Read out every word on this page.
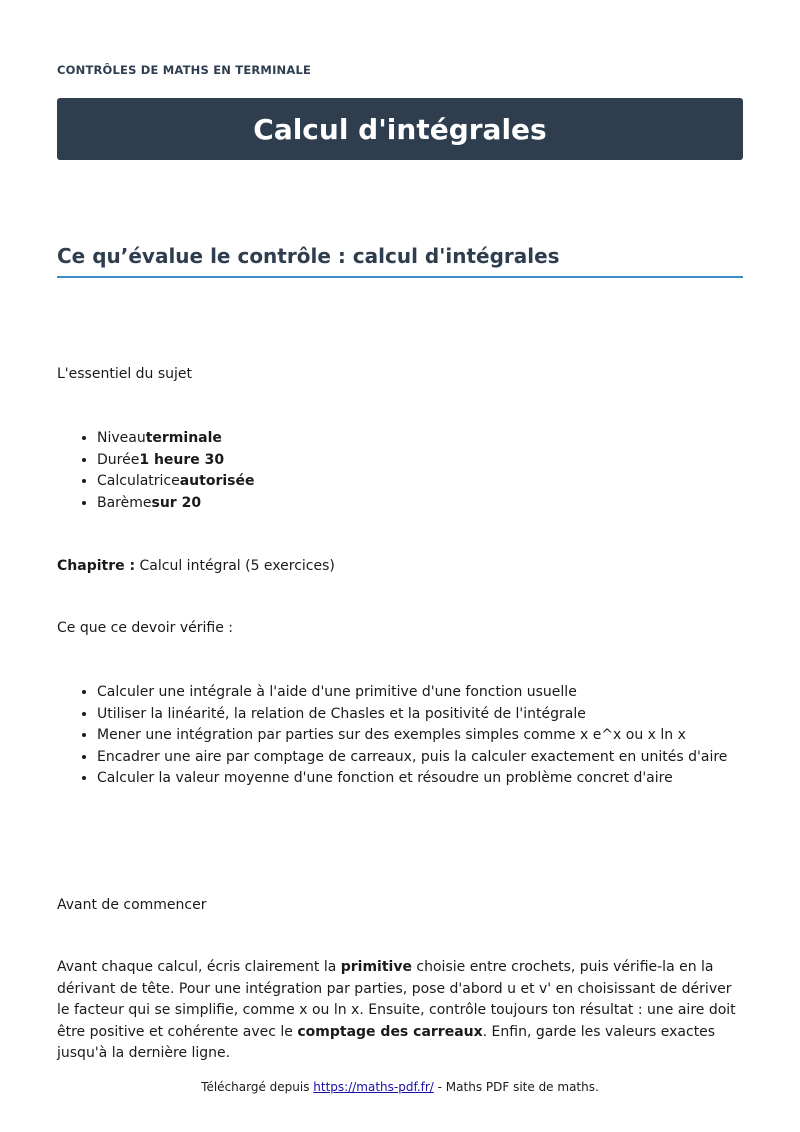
CONTRÔLES DE MATHS EN TERMINALE
Calcul d'intégrales
Ce qu’évalue le contrôle : calcul d'intégrales

L'essentiel du sujet

• Niveauterminale
• Durée1 heure 30
• Calculatriceautorisée
• Barèmesur 20

Chapitre : Calcul intégral (5 exercices)

Ce que ce devoir vérifie :

• Calculer une intégrale à l'aide d'une primitive d'une fonction usuelle
• Utiliser la linéarité, la relation de Chasles et la positivité de l'intégrale
• Mener une intégration par parties sur des exemples simples comme x e^x ou x ln x
• Encadrer une aire par comptage de carreaux, puis la calculer exactement en unités d'aire
• Calculer la valeur moyenne d'une fonction et résoudre un problème concret d'aire

Avant de commencer

Avant chaque calcul, écris clairement la primitive choisie entre crochets, puis vérifie-la en la dérivant de tête. Pour une intégration par parties, pose d'abord u et v' en choisissant de dériver le facteur qui se simplifie, comme x ou ln x. Ensuite, contrôle toujours ton résultat : une aire doit être positive et cohérente avec le comptage des carreaux. Enfin, garde les valeurs exactes jusqu'à la dernière ligne.

Téléchargé depuis https://maths-pdf.fr/ - Maths PDF site de maths.
